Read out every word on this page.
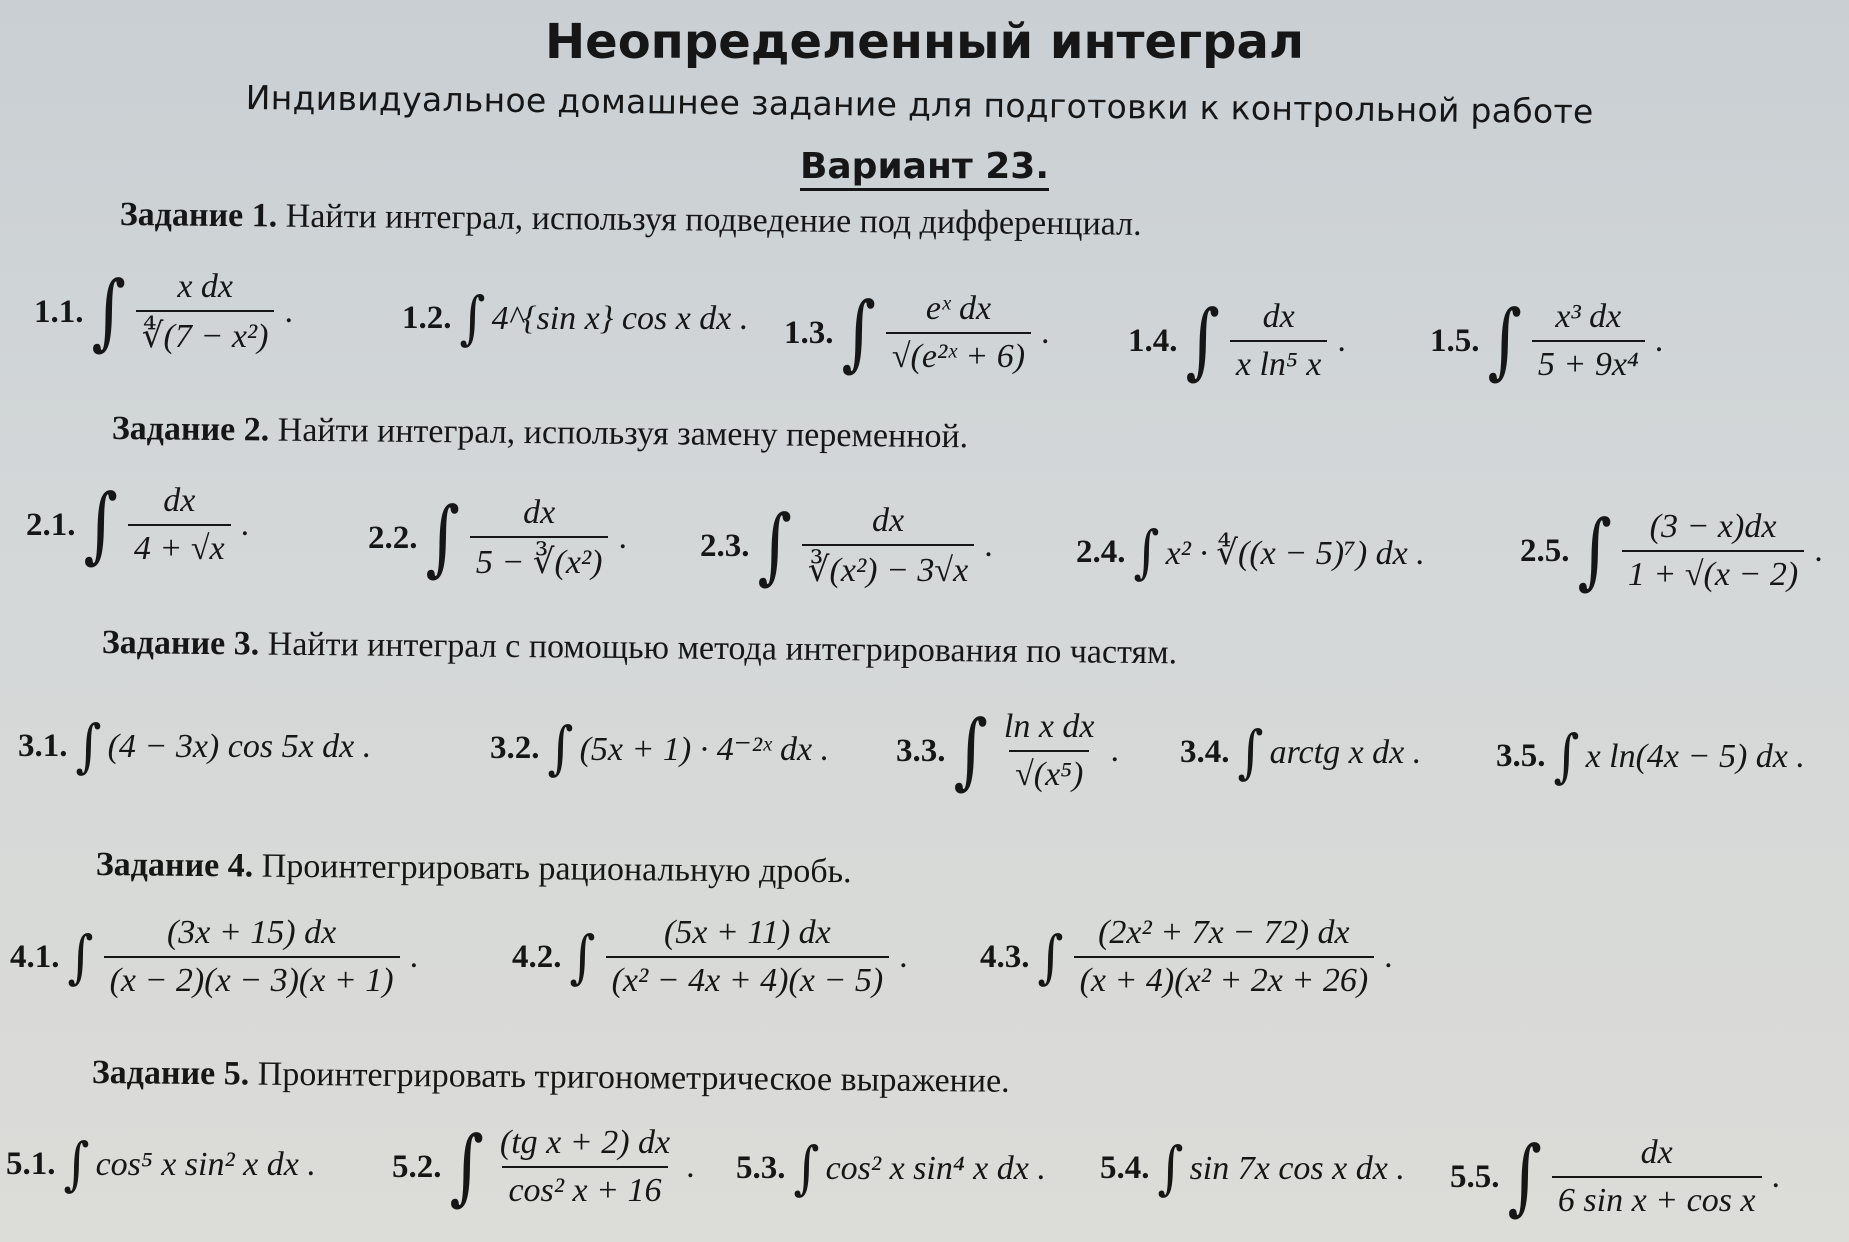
Неопределенный интеграл
Индивидуальное домашнее задание для подготовки к контрольной работе
Вариант 23.
Задание 1. Найти интеграл, используя подведение под дифференциал.
1.1. ∫ $\frac{\text{x dx}}{\text{∜(7 − x²)}}$ .	1.2. ∫ 4^{sin x} cos x dx . 1.3. ∫ $\frac{\text{eˣ dx}}{\text{√(e²ˣ + 6)}}$ . 1.4. ∫ $\frac{dx}{\text{x ln⁵ x}}$ .	1.5. ∫ $\frac{\text{x³ dx}}{\text{5 + 9x⁴}}$ .
Задание 2. Найти интеграл, используя замену переменной.
2.1. ∫ $\frac{dx}{4 + √x}$ .	2.2. ∫ $\frac{dx}{\text{5 − ∛(x²)}}$ . 2.3. ∫ $\frac{dx}{\text{∛(x²) − 3√x}}$ .	2.4. ∫ x² · ∜((x − 5)⁷) dx .	2.5. ∫ $\frac{(3 - x)dx}{1 + √(x - 2)}$ .
Задание 3. Найти интеграл с помощью метода интегрирования по частям.
3.1. ∫ (4 − 3x) cos 5x dx .	3.2. ∫ (5x + 1) · 4⁻²ˣ dx . 3.3. ∫ $\frac{\text{ln x dx}}{\text{√(x⁵)}}$ . 3.4. ∫ arctg x dx . 3.5. ∫ x ln(4x − 5) dx .
Задание 4. Проинтегрировать рациональную дробь.
4.1. ∫ $\frac{(3x + 15) dx}{(x - 2)(x - 3)(x + 1)}$ .	4.2. ∫ $\frac{(5x + 11) dx}{\text{(x² − 4x + 4)(x − 5)}}$ . 4.3. ∫ $\frac{\text{(2x² + 7x − 72) dx}}{\text{(x + 4)(x² + 2x + 26)}}$ .
Задание 5. Проинтегрировать тригонометрическое выражение.
5.1. ∫ cos⁵ x sin² x dx . 5.2. ∫ $\frac{\text{(tg x + 2) dx}}{\text{cos² x + 16}}$ . 5.3. ∫ cos² x sin⁴ x dx . 5.4. ∫ sin 7x cos x dx . 5.5. ∫ $\frac{dx}{\text{6 sin x + cos x}}$ .
